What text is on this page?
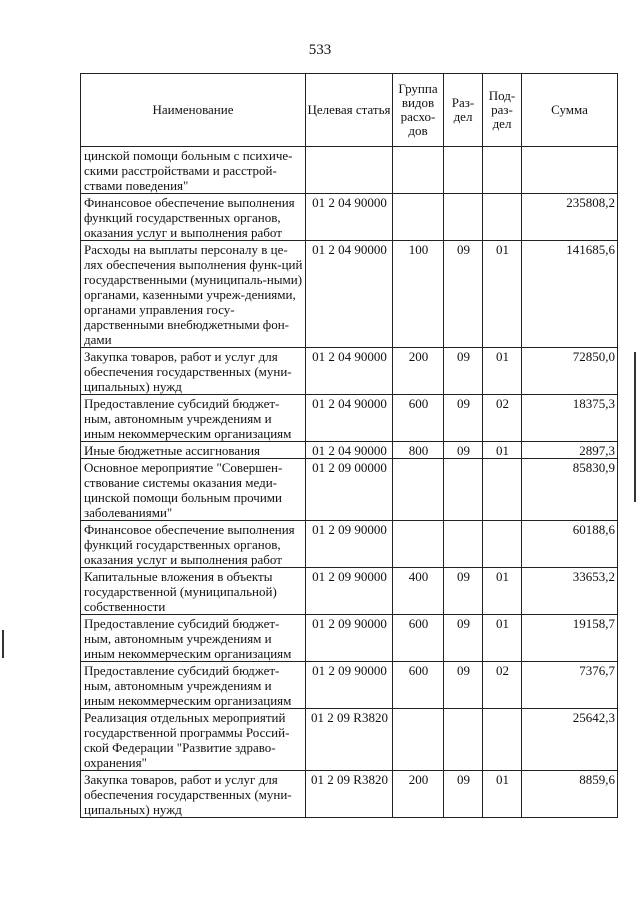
533
Наименование	Целевая статья	Группа видов расхо-дов	Раз-дел	Под-раз-дел	Сумма
цинской помощи больным с психиче-скими расстройствами и расстрой-ствами поведения"					
Финансовое обеспечение выполнения функций государственных органов, оказания услуг и выполнения работ	01 2 04 90000				235808,2
Расходы на выплаты персоналу в це-лях обеспечения выполнения функ-ций государственными (муниципаль-ными) органами, казенными учреж-дениями, органами управления госу-дарственными внебюджетными фон-дами	01 2 04 90000	100	09	01	141685,6
Закупка товаров, работ и услуг для обеспечения государственных (муни-ципальных) нужд	01 2 04 90000	200	09	01	72850,0
Предоставление субсидий бюджет-ным, автономным учреждениям и иным некоммерческим организациям	01 2 04 90000	600	09	02	18375,3
Иные бюджетные ассигнования	01 2 04 90000	800	09	01	2897,3
Основное мероприятие "Совершен-ствование системы оказания меди-цинской помощи больным прочими заболеваниями"	01 2 09 00000				85830,9
Финансовое обеспечение выполнения функций государственных органов, оказания услуг и выполнения работ	01 2 09 90000				60188,6
Капитальные вложения в объекты государственной (муниципальной) собственности	01 2 09 90000	400	09	01	33653,2
Предоставление субсидий бюджет-ным, автономным учреждениям и иным некоммерческим организациям	01 2 09 90000	600	09	01	19158,7
Предоставление субсидий бюджет-ным, автономным учреждениям и иным некоммерческим организациям	01 2 09 90000	600	09	02	7376,7
Реализация отдельных мероприятий государственной программы Россий-ской Федерации "Развитие здраво-охранения"	01 2 09 R3820				25642,3
Закупка товаров, работ и услуг для обеспечения государственных (муни-ципальных) нужд	01 2 09 R3820	200	09	01	8859,6
